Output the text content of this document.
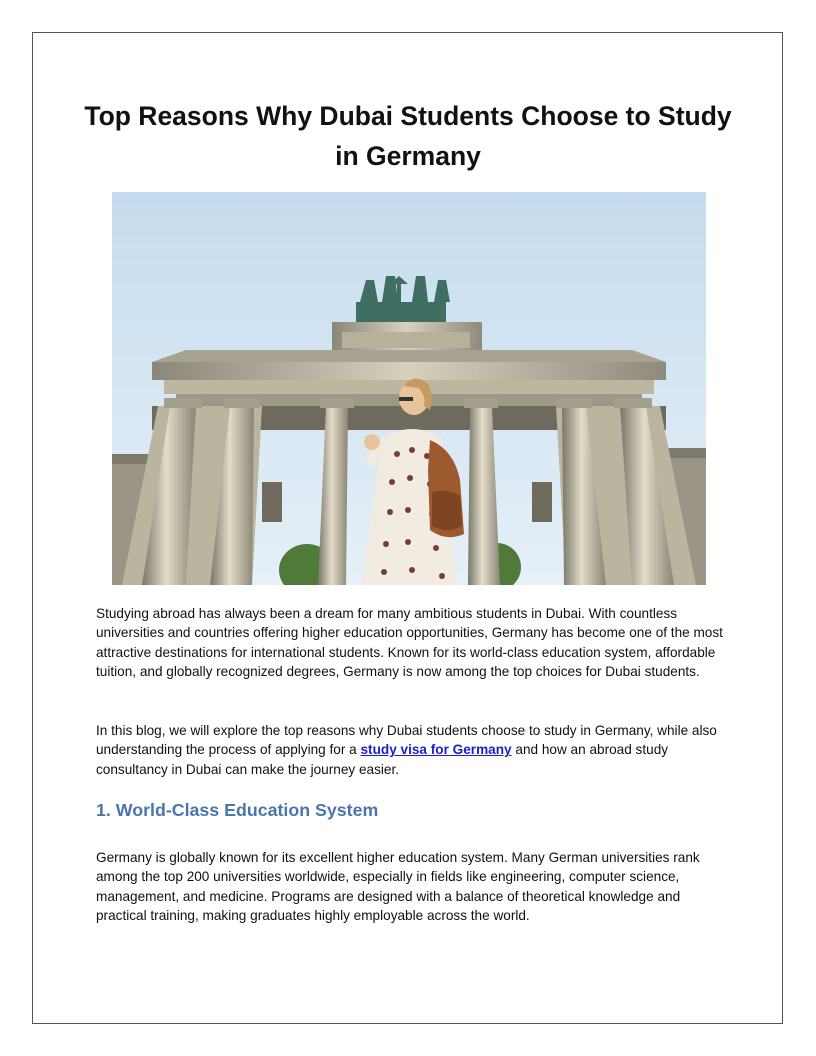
Top Reasons Why Dubai Students Choose to Study in Germany

Studying abroad has always been a dream for many ambitious students in Dubai. With countless universities and countries offering higher education opportunities, Germany has become one of the most attractive destinations for international students. Known for its world-class education system, affordable tuition, and globally recognized degrees, Germany is now among the top choices for Dubai students.

In this blog, we will explore the top reasons why Dubai students choose to study in Germany, while also understanding the process of applying for a study visa for Germany and how an abroad study consultancy in Dubai can make the journey easier.

1. World-Class Education System

Germany is globally known for its excellent higher education system. Many German universities rank among the top 200 universities worldwide, especially in fields like engineering, computer science, management, and medicine. Programs are designed with a balance of theoretical knowledge and practical training, making graduates highly employable across the world.
